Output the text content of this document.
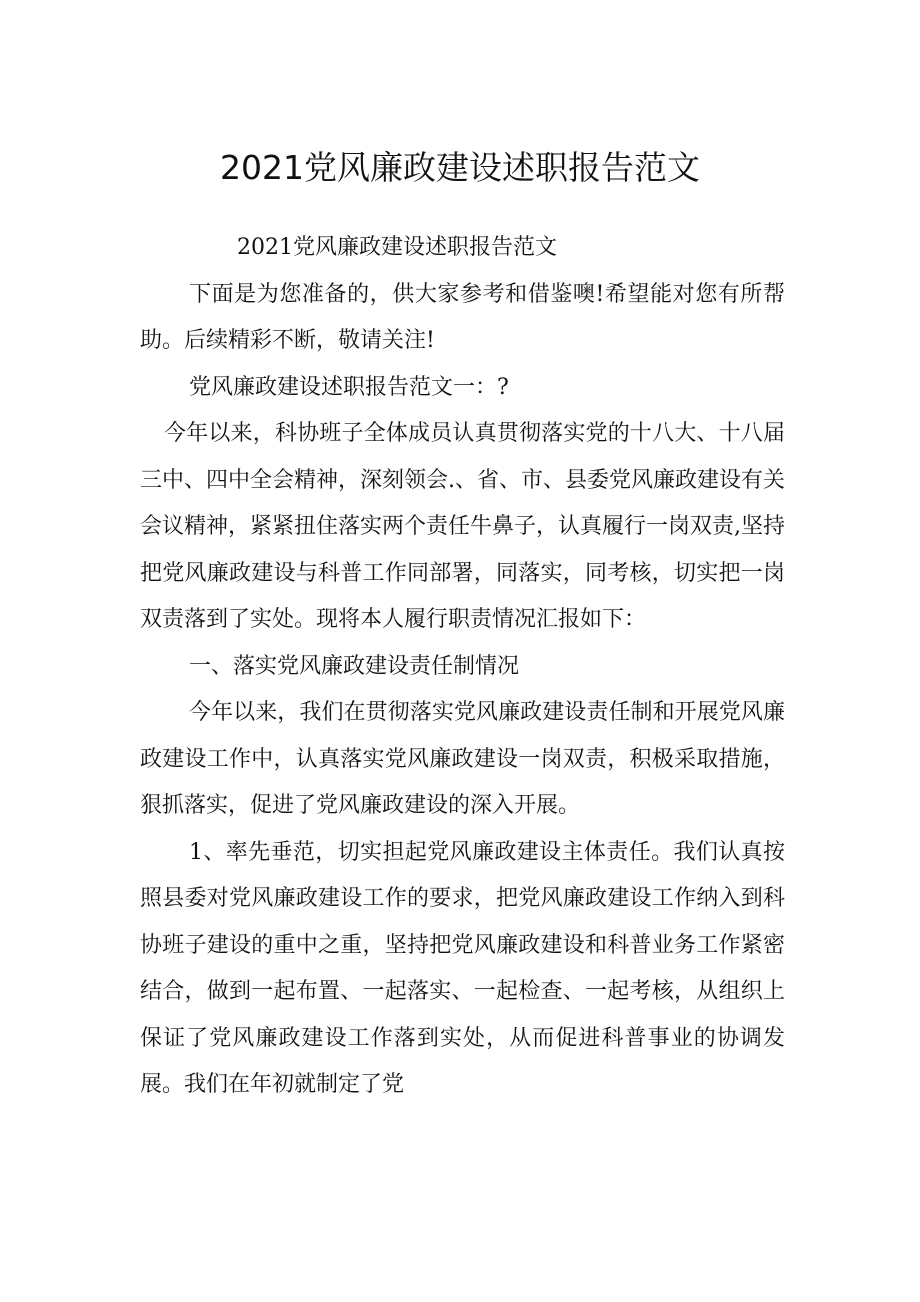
2021党风廉政建设述职报告范文

2021党风廉政建设述职报告范文

下面是为您准备的，供大家参考和借鉴噢!希望能对您有所帮助。后续精彩不断，敬请关注!

党风廉政建设述职报告范文一：?

今年以来，科协班子全体成员认真贯彻落实党的十八大、十八届三中、四中全会精神，深刻领会.、省、市、县委党风廉政建设有关会议精神，紧紧扭住落实两个责任牛鼻子，认真履行一岗双责,坚持把党风廉政建设与科普工作同部署，同落实，同考核，切实把一岗双责落到了实处。现将本人履行职责情况汇报如下：

一、落实党风廉政建设责任制情况

今年以来，我们在贯彻落实党风廉政建设责任制和开展党风廉政建设工作中，认真落实党风廉政建设一岗双责，积极采取措施，狠抓落实，促进了党风廉政建设的深入开展。

1、率先垂范，切实担起党风廉政建设主体责任。我们认真按照县委对党风廉政建设工作的要求，把党风廉政建设工作纳入到科协班子建设的重中之重，坚持把党风廉政建设和科普业务工作紧密结合，做到一起布置、一起落实、一起检查、一起考核，从组织上保证了党风廉政建设工作落到实处，从而促进科普事业的协调发展。我们在年初就制定了党
